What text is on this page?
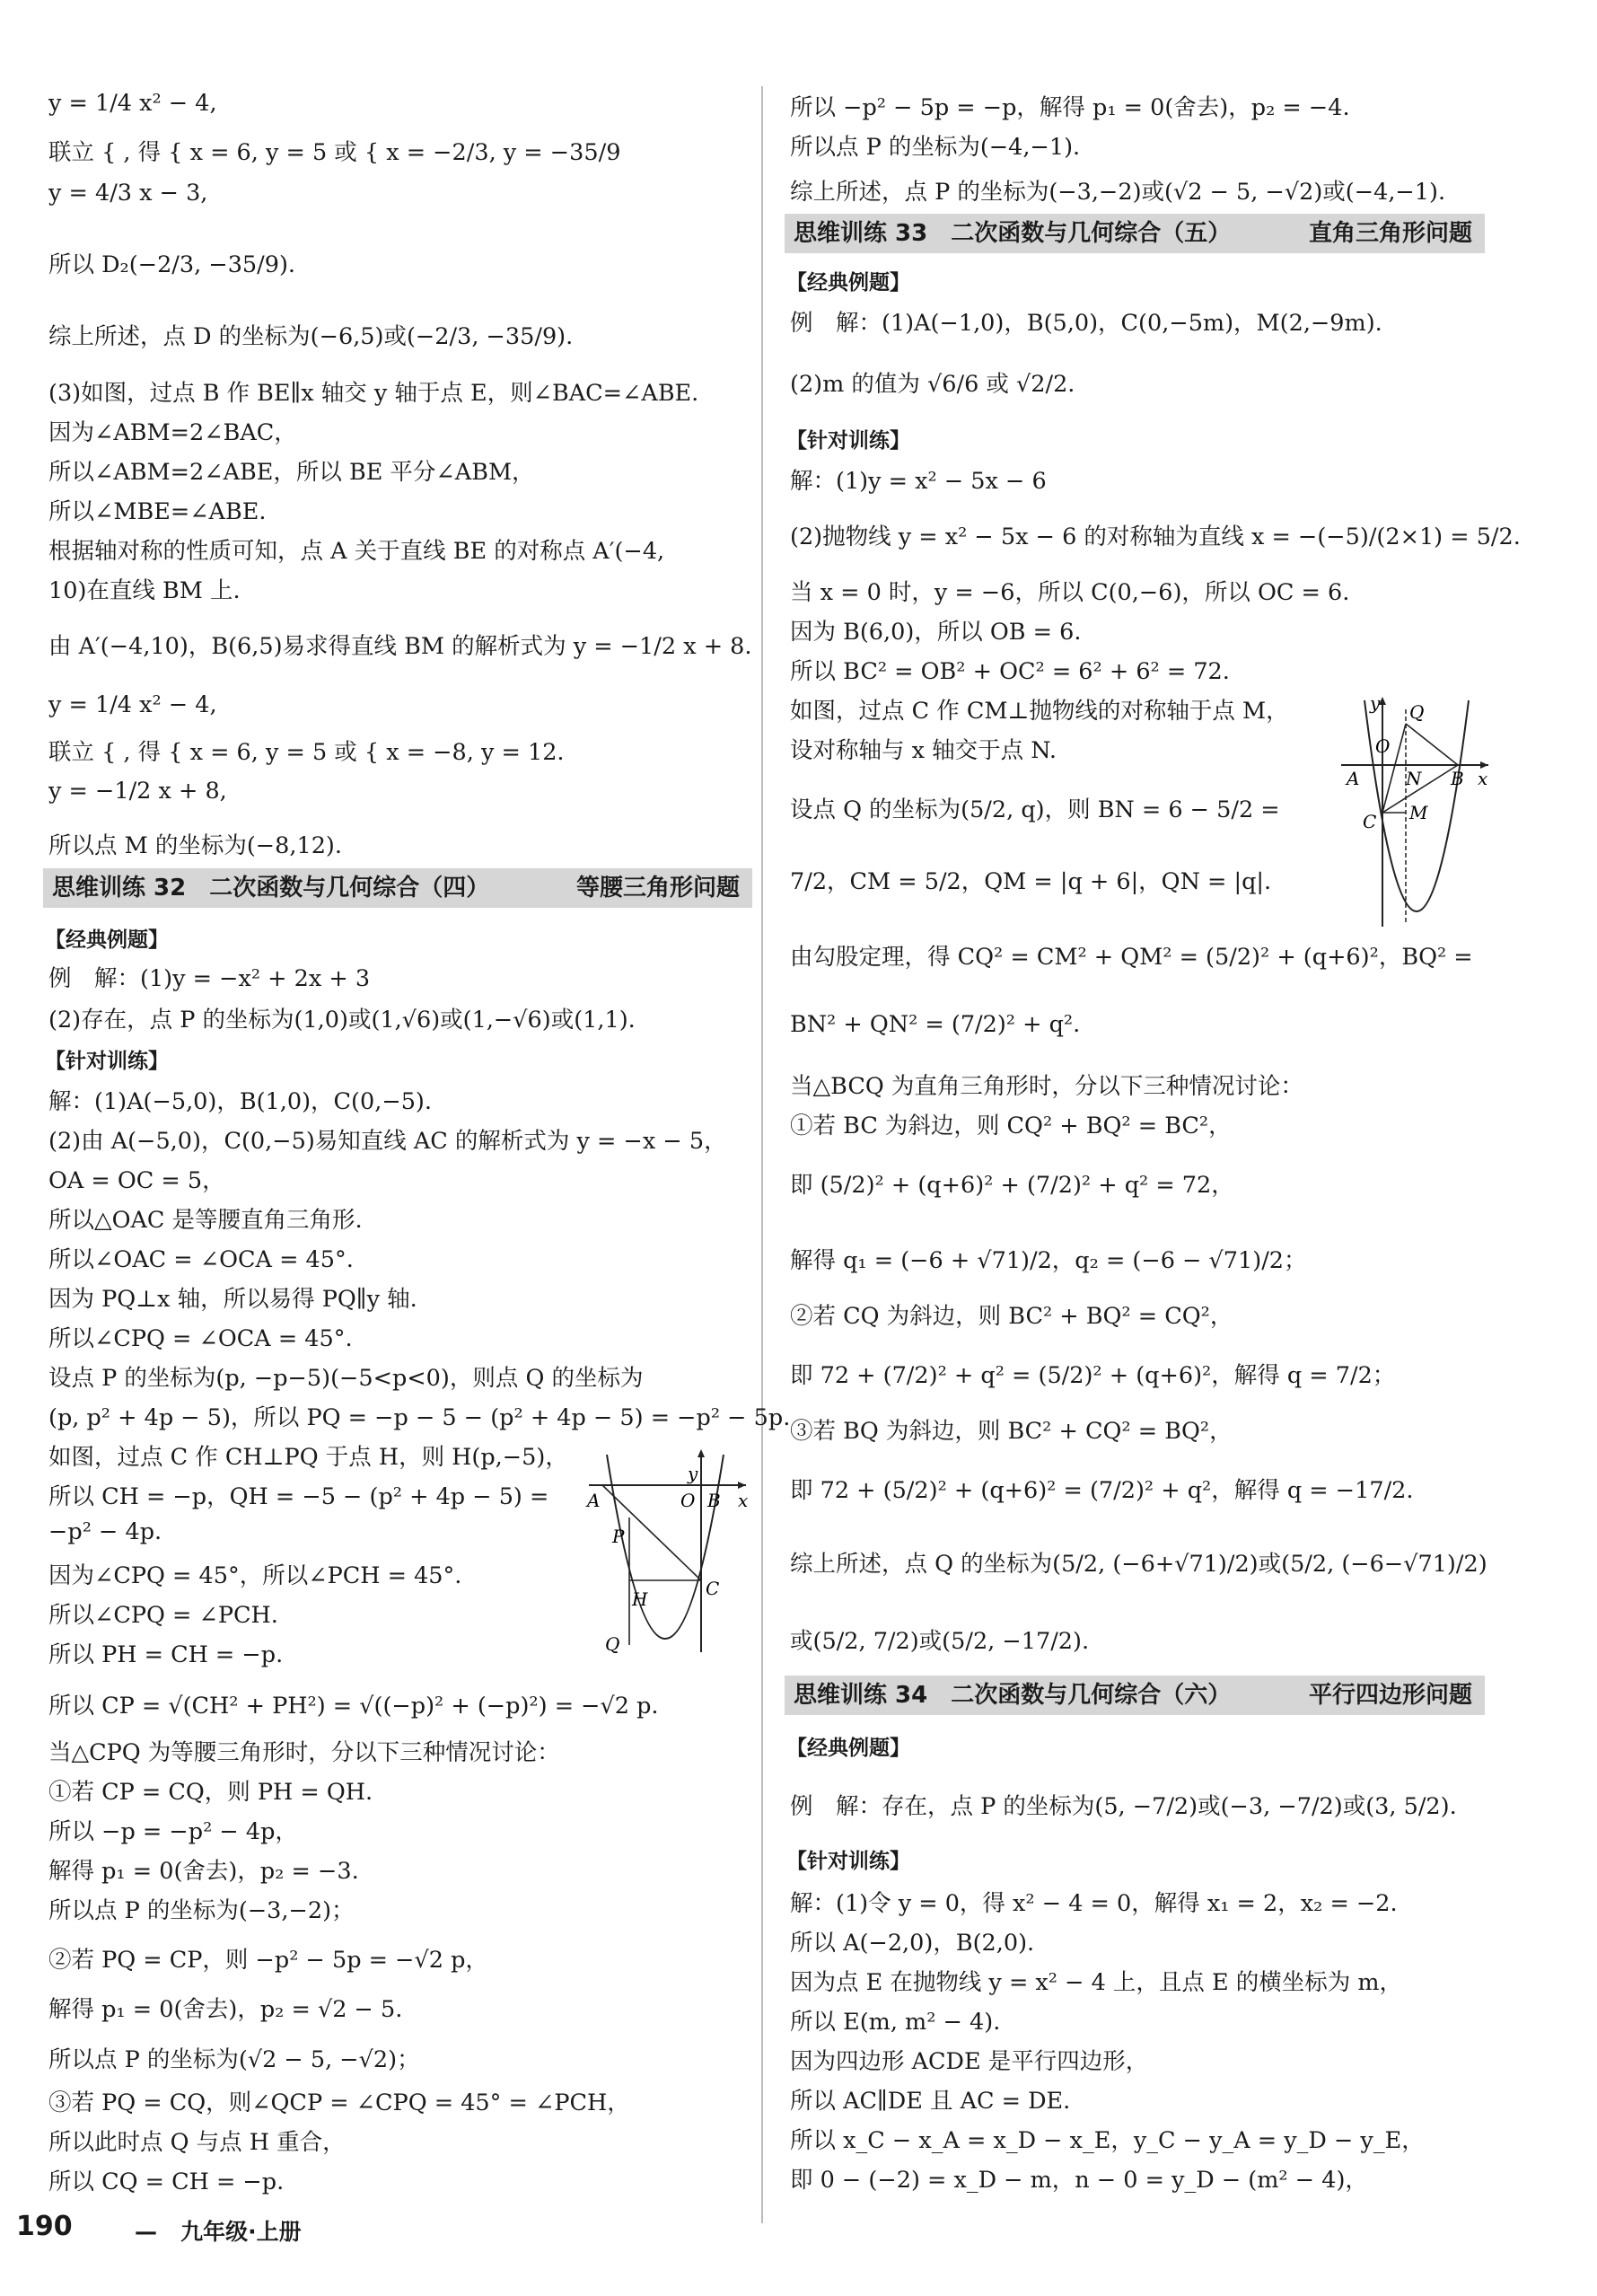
y = 1/4 x² − 4,
联立 { , 得 { x = 6, y = 5 或 { x = −2/3, y = −35/9
y = 4/3 x − 3,
所以 D₂(−2/3, −35/9).
综上所述，点 D 的坐标为(−6,5)或(−2/3, −35/9).
(3)如图，过点 B 作 BE∥x 轴交 y 轴于点 E，则∠BAC=∠ABE.
因为∠ABM=2∠BAC，
所以∠ABM=2∠ABE，所以 BE 平分∠ABM，
所以∠MBE=∠ABE.
根据轴对称的性质可知，点 A 关于直线 BE 的对称点 A′(−4,
10)在直线 BM 上.
由 A′(−4,10)，B(6,5)易求得直线 BM 的解析式为 y = −1/2 x + 8.
y = 1/4 x² − 4,
联立 { , 得 { x = 6, y = 5 或 { x = −8, y = 12.
y = −1/2 x + 8,
所以点 M 的坐标为(−8,12).
思维训练 32　二次函数与几何综合（四）	等腰三角形问题
【经典例题】
例　解：(1)y = −x² + 2x + 3
(2)存在，点 P 的坐标为(1,0)或(1,√6)或(1,−√6)或(1,1).
【针对训练】
解：(1)A(−5,0)，B(1,0)，C(0,−5).
(2)由 A(−5,0)，C(0,−5)易知直线 AC 的解析式为 y = −x − 5，
OA = OC = 5，
所以△OAC 是等腰直角三角形.
所以∠OAC = ∠OCA = 45°.
因为 PQ⊥x 轴，所以易得 PQ∥y 轴.
所以∠CPQ = ∠OCA = 45°.
设点 P 的坐标为(p, −p−5)(−5<p<0)，则点 Q 的坐标为
(p, p² + 4p − 5)，所以 PQ = −p − 5 − (p² + 4p − 5) = −p² − 5p.
如图，过点 C 作 CH⊥PQ 于点 H，则 H(p,−5)，
所以 CH = −p，QH = −5 − (p² + 4p − 5) =
−p² − 4p.
因为∠CPQ = 45°，所以∠PCH = 45°.
所以∠CPQ = ∠PCH.
所以 PH = CH = −p.
所以 CP = √(CH² + PH²) = √((−p)² + (−p)²) = −√2 p.
当△CPQ 为等腰三角形时，分以下三种情况讨论：
①若 CP = CQ，则 PH = QH.
所以 −p = −p² − 4p，
解得 p₁ = 0(舍去)，p₂ = −3.
所以点 P 的坐标为(−3,−2)；
②若 PQ = CP，则 −p² − 5p = −√2 p，
解得 p₁ = 0(舍去)，p₂ = √2 − 5.
所以点 P 的坐标为(√2 − 5, −√2)；
③若 PQ = CQ，则∠QCP = ∠CPQ = 45° = ∠PCH，
所以此时点 Q 与点 H 重合，
所以 CQ = CH = −p.
y
x
A	O B
P
H	C
Q
所以 −p² − 5p = −p，解得 p₁ = 0(舍去)，p₂ = −4.
所以点 P 的坐标为(−4,−1).
综上所述，点 P 的坐标为(−3,−2)或(√2 − 5, −√2)或(−4,−1).
思维训练 33　二次函数与几何综合（五）	直角三角形问题
【经典例题】
例　解：(1)A(−1,0)，B(5,0)，C(0,−5m)，M(2,−9m).
(2)m 的值为 √6/6 或 √2/2.
【针对训练】
解：(1)y = x² − 5x − 6
(2)抛物线 y = x² − 5x − 6 的对称轴为直线 x = −(−5)/(2×1) = 5/2.
当 x = 0 时，y = −6，所以 C(0,−6)，所以 OC = 6.
因为 B(6,0)，所以 OB = 6.
所以 BC² = OB² + OC² = 6² + 6² = 72.
如图，过点 C 作 CM⊥抛物线的对称轴于点 M，
设对称轴与 x 轴交于点 N.
设点 Q 的坐标为(5/2, q)，则 BN = 6 − 5/2 =
7/2，CM = 5/2，QM = |q + 6|，QN = |q|.
由勾股定理，得 CQ² = CM² + QM² = (5/2)² + (q+6)²，BQ² =
BN² + QN² = (7/2)² + q².
当△BCQ 为直角三角形时，分以下三种情况讨论：
①若 BC 为斜边，则 CQ² + BQ² = BC²，
即 (5/2)² + (q+6)² + (7/2)² + q² = 72，
解得 q₁ = (−6 + √71)/2，q₂ = (−6 − √71)/2；
②若 CQ 为斜边，则 BC² + BQ² = CQ²，
即 72 + (7/2)² + q² = (5/2)² + (q+6)²，解得 q = 7/2；
③若 BQ 为斜边，则 BC² + CQ² = BQ²，
即 72 + (5/2)² + (q+6)² = (7/2)² + q²，解得 q = −17/2.
综上所述，点 Q 的坐标为(5/2, (−6+√71)/2)或(5/2, (−6−√71)/2)
或(5/2, 7/2)或(5/2, −17/2).
y Q
O
A	N B x
C M
思维训练 34　二次函数与几何综合（六）	平行四边形问题
【经典例题】
例　解：存在，点 P 的坐标为(5, −7/2)或(−3, −7/2)或(3, 5/2).
【针对训练】
解：(1)令 y = 0，得 x² − 4 = 0，解得 x₁ = 2，x₂ = −2.
所以 A(−2,0)，B(2,0).
因为点 E 在抛物线 y = x² − 4 上，且点 E 的横坐标为 m，
所以 E(m, m² − 4).
因为四边形 ACDE 是平行四边形，
所以 AC∥DE 且 AC = DE.
所以 x_C − x_A = x_D − x_E，y_C − y_A = y_D − y_E，
即 0 − (−2) = x_D − m，n − 0 = y_D − (m² − 4)，
190	— 九年级·上册
